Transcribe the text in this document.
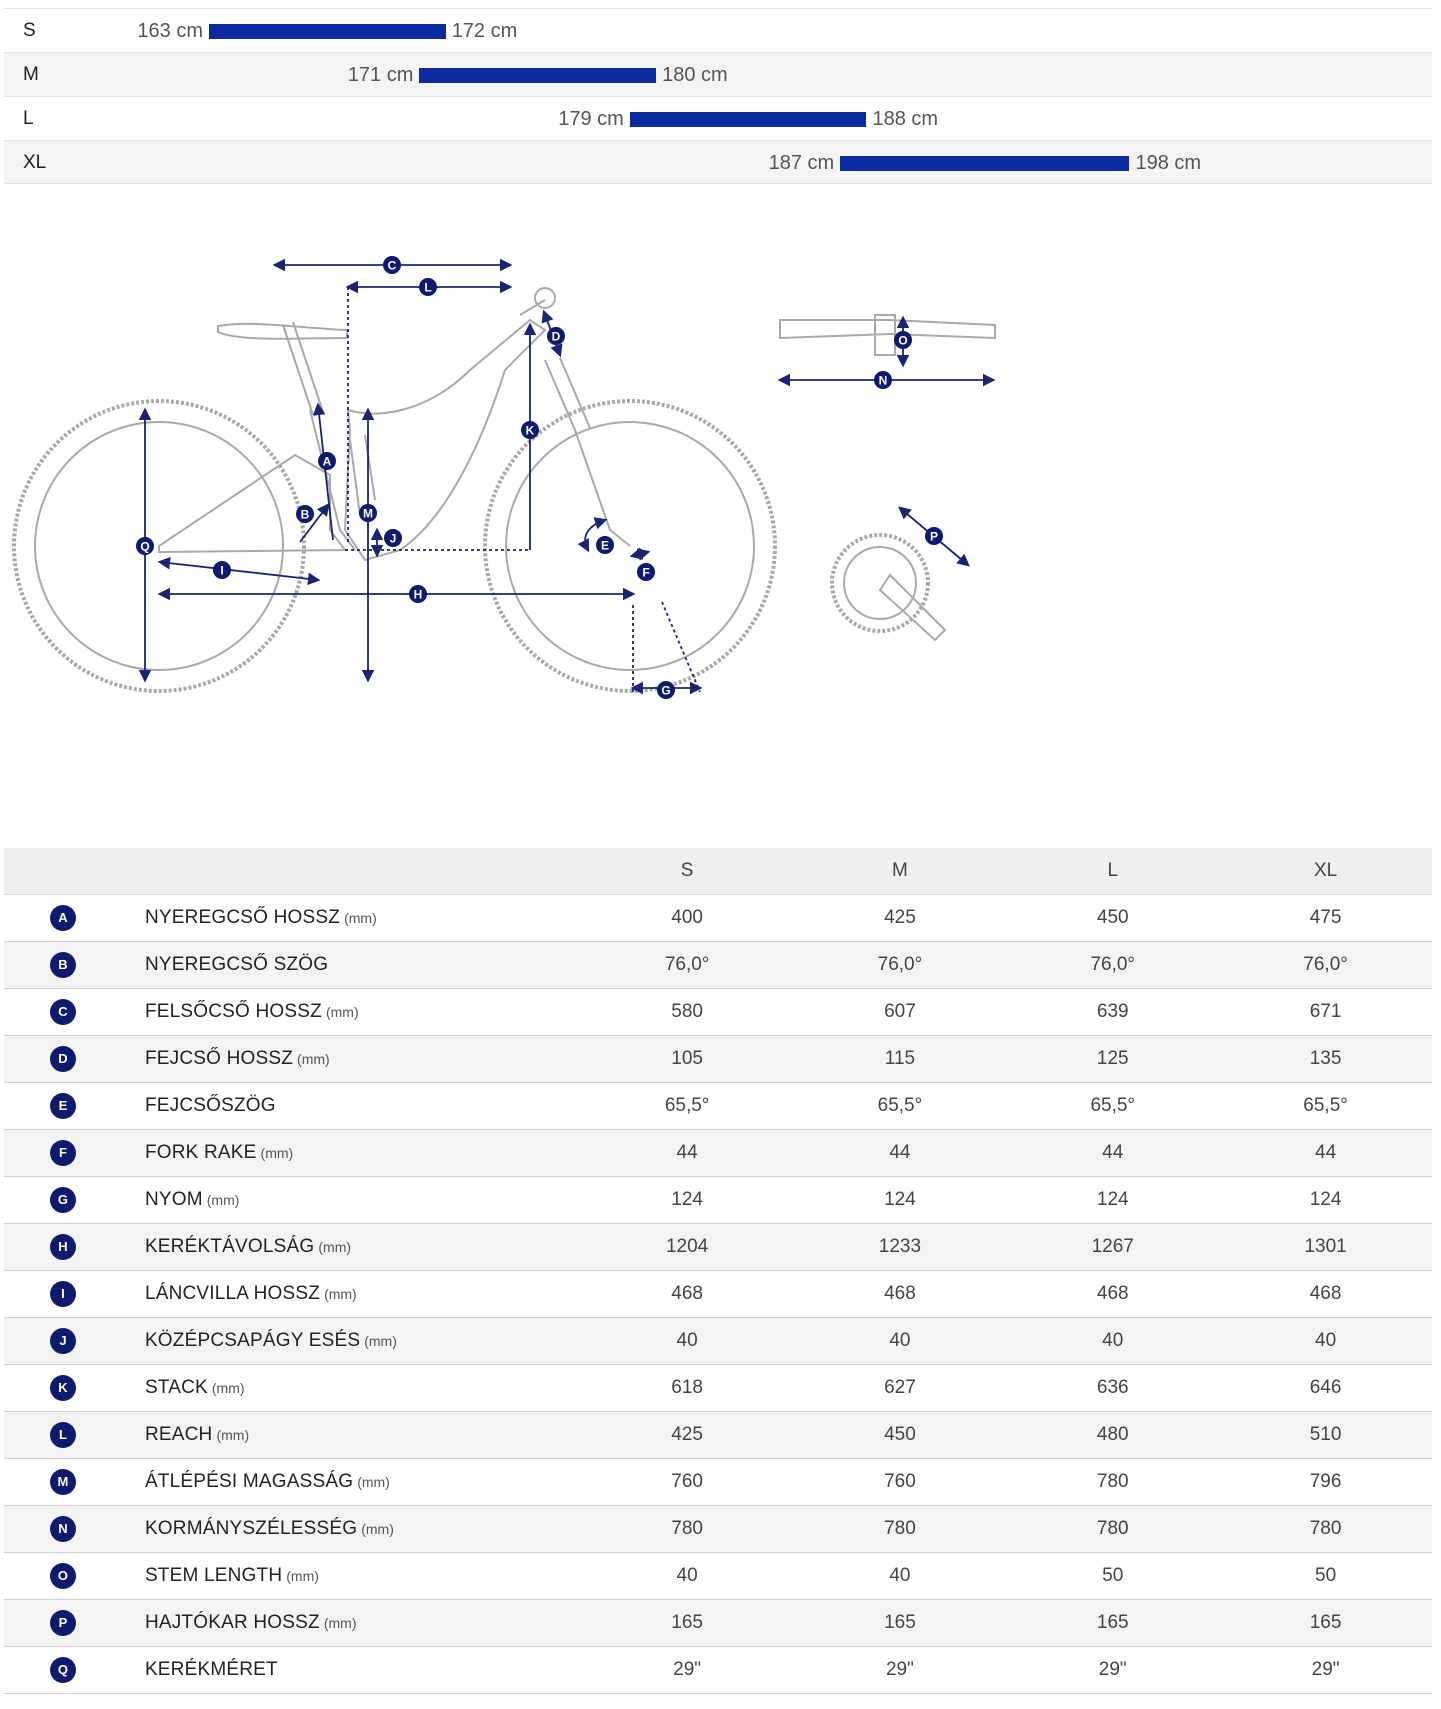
S	163 cm	172 cm
M	171 cm	180 cm
L	179 cm	188 cm
XL	187 cm	198 cm
A
B
C
D
E
F
G
H
I
J
K
L
M
N
O
P
Q
		S	M	L	XL
A	NYEREGCSŐ HOSSZ (mm)	400	425	450	475
B	NYEREGCSŐ SZÖG	76,0°	76,0°	76,0°	76,0°
C	FELSŐCSŐ HOSSZ (mm)	580	607	639	671
D	FEJCSŐ HOSSZ (mm)	105	115	125	135
E	FEJCSŐSZÖG	65,5°	65,5°	65,5°	65,5°
F	FORK RAKE (mm)	44	44	44	44
G	NYOM (mm)	124	124	124	124
H	KERÉKTÁVOLSÁG (mm)	1204	1233	1267	1301
I	LÁNCVILLA HOSSZ (mm)	468	468	468	468
J	KÖZÉPCSAPÁGY ESÉS (mm)	40	40	40	40
K	STACK (mm)	618	627	636	646
L	REACH (mm)	425	450	480	510
M	ÁTLÉPÉSI MAGASSÁG (mm)	760	760	780	796
N	KORMÁNYSZÉLESSÉG (mm)	780	780	780	780
O	STEM LENGTH (mm)	40	40	50	50
P	HAJTÓKAR HOSSZ (mm)	165	165	165	165
Q	KERÉKMÉRET	29"	29"	29"	29"
